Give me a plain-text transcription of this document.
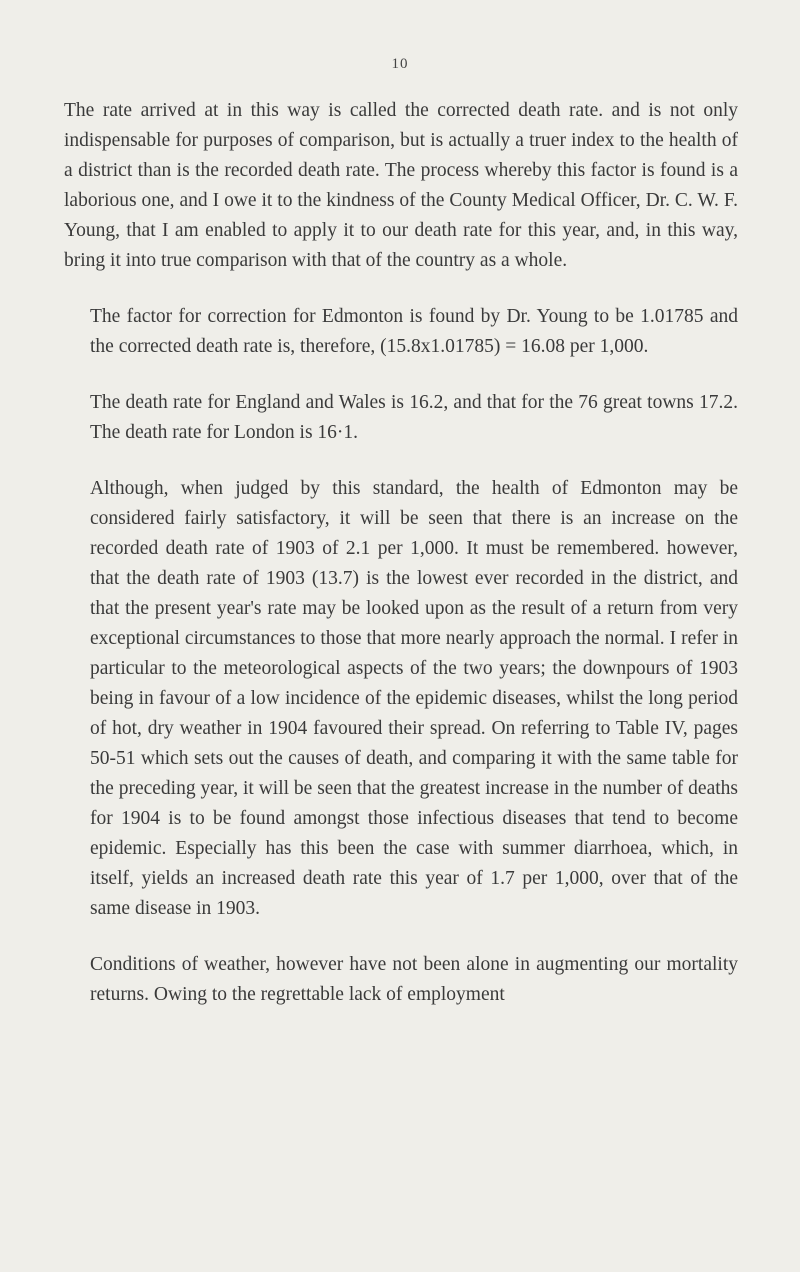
10

The rate arrived at in this way is called the corrected death rate. and is not only indispensable for purposes of comparison, but is actually a truer index to the health of a district than is the recorded death rate. The process whereby this factor is found is a laborious one, and I owe it to the kindness of the County Medical Officer, Dr. C. W. F. Young, that I am enabled to apply it to our death rate for this year, and, in this way, bring it into true comparison with that of the country as a whole.

The factor for correction for Edmonton is found by Dr. Young to be 1.01785 and the corrected death rate is, therefore, (15.8x1.01785) = 16.08 per 1,000.

The death rate for England and Wales is 16.2, and that for the 76 great towns 17.2. The death rate for London is 16·1.

Although, when judged by this standard, the health of Edmonton may be considered fairly satisfactory, it will be seen that there is an increase on the recorded death rate of 1903 of 2.1 per 1,000. It must be remembered. however, that the death rate of 1903 (13.7) is the lowest ever recorded in the district, and that the present year's rate may be looked upon as the result of a return from very exceptional circumstances to those that more nearly approach the normal. I refer in particular to the meteorological aspects of the two years; the downpours of 1903 being in favour of a low incidence of the epidemic diseases, whilst the long period of hot, dry weather in 1904 favoured their spread. On referring to Table IV, pages 50-51 which sets out the causes of death, and comparing it with the same table for the preceding year, it will be seen that the greatest increase in the number of deaths for 1904 is to be found amongst those infectious diseases that tend to become epidemic. Especially has this been the case with summer diarrhoea, which, in itself, yields an increased death rate this year of 1.7 per 1,000, over that of the same disease in 1903.

Conditions of weather, however have not been alone in augmenting our mortality returns. Owing to the regrettable lack of employment
